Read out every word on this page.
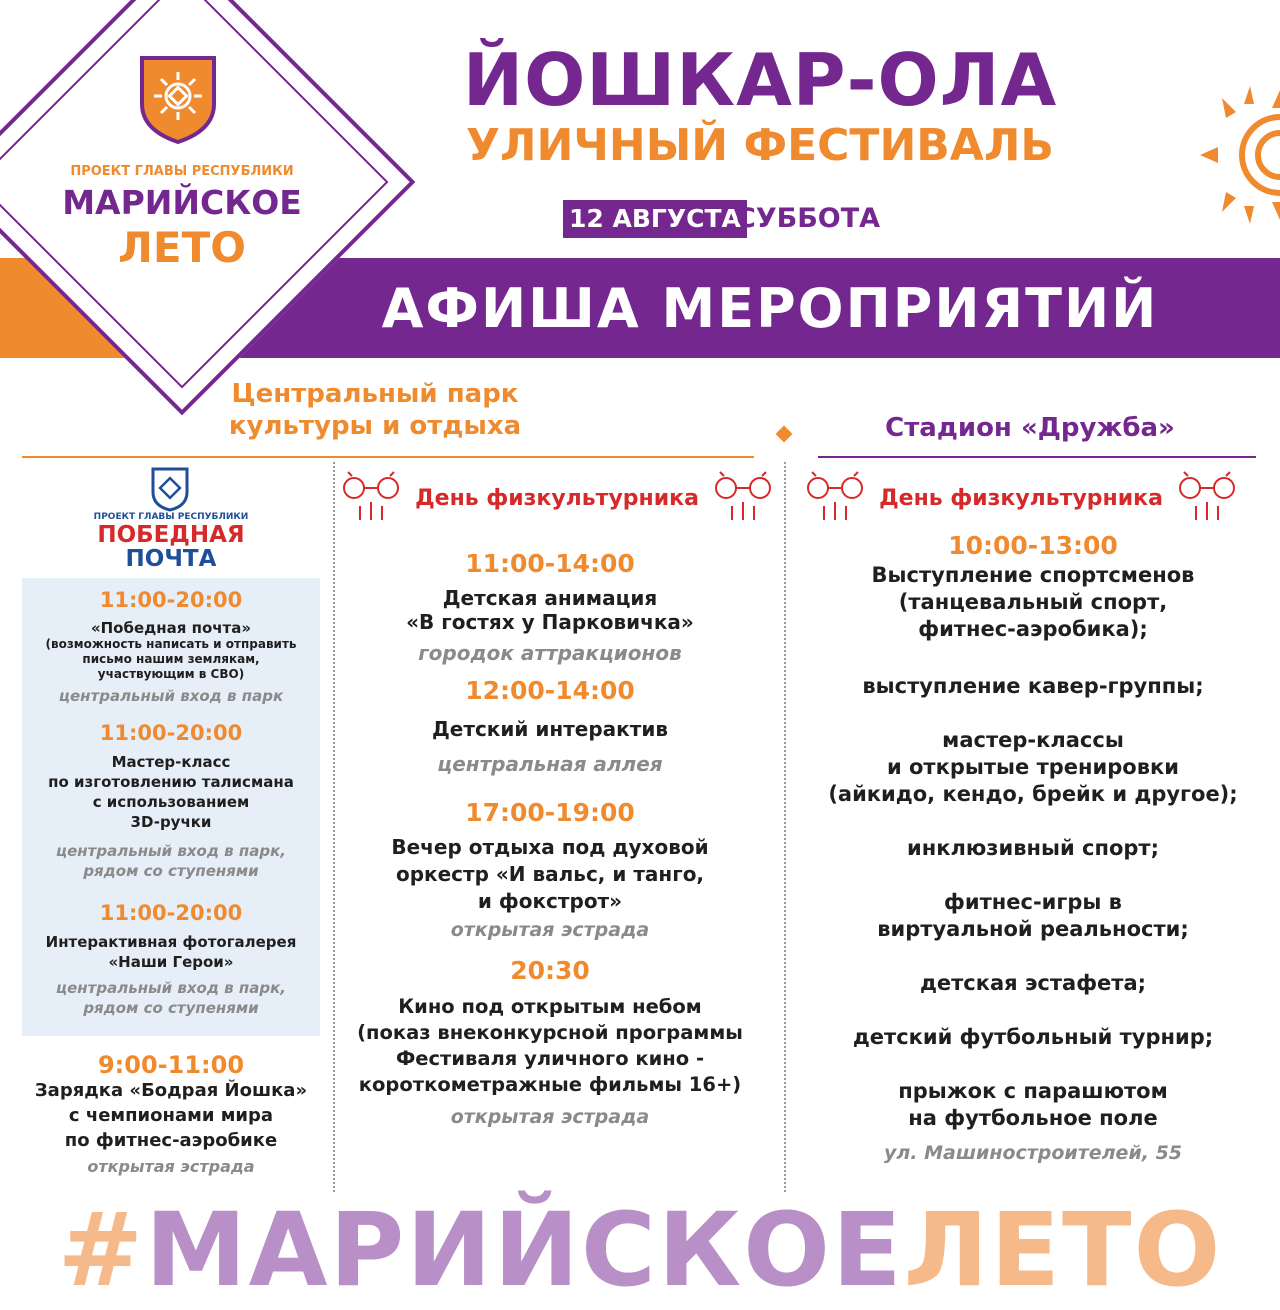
АФИША МЕРОПРИЯТИЙ
ЙОШКАР-ОЛА
УЛИЧНЫЙ ФЕСТИВАЛЬ
12 АВГУСТА
СУББОТА
ПРОЕКТ ГЛАВЫ РЕСПУБЛИКИ
МАРИЙСКОЕ
ЛЕТО
Центральный парк
культуры и отдыха	Стадион «Дружба»
ПРОЕКТ ГЛАВЫ РЕСПУБЛИКИ
ПОБЕДНАЯ
ПОЧТА
11:00-20:00
«Победная почта»
(возможность написать и отправить
письмо нашим землякам,
участвующим в СВО)
центральный вход в парк
11:00-20:00
Мастер-класс
по изготовлению талисмана
с использованием
3D-ручки
центральный вход в парк,
рядом со ступенями
11:00-20:00
Интерактивная фотогалерея
«Наши Герои»
центральный вход в парк,
рядом со ступенями
9:00-11:00
Зарядка «Бодрая Йошка»
с чемпионами мира
по фитнес-аэробике
открытая эстрада
День физкультурника
11:00-14:00
Детская анимация
«В гостях у Парковичка»
городок аттракционов
12:00-14:00
Детский интерактив
центральная аллея
17:00-19:00
Вечер отдыха под духовой
оркестр «И вальс, и танго,
и фокстрот»
открытая эстрада
20:30
Кино под открытым небом
(показ внеконкурсной программы
Фестиваля уличного кино -
короткометражные фильмы 16+)
открытая эстрада
День физкультурника
10:00-13:00
Выступление спортсменов
(танцевальный спорт,
фитнес-аэробика);
выступление кавер-группы;
мастер-классы
и открытые тренировки
(айкидо, кендо, брейк и другое);
инклюзивный спорт;
фитнес-игры в
виртуальной реальности;
детская эстафета;
детский футбольный турнир;
прыжок с парашютом
на футбольное поле
ул. Машиностроителей, 55
#МАРИЙСКОЕЛЕТО
